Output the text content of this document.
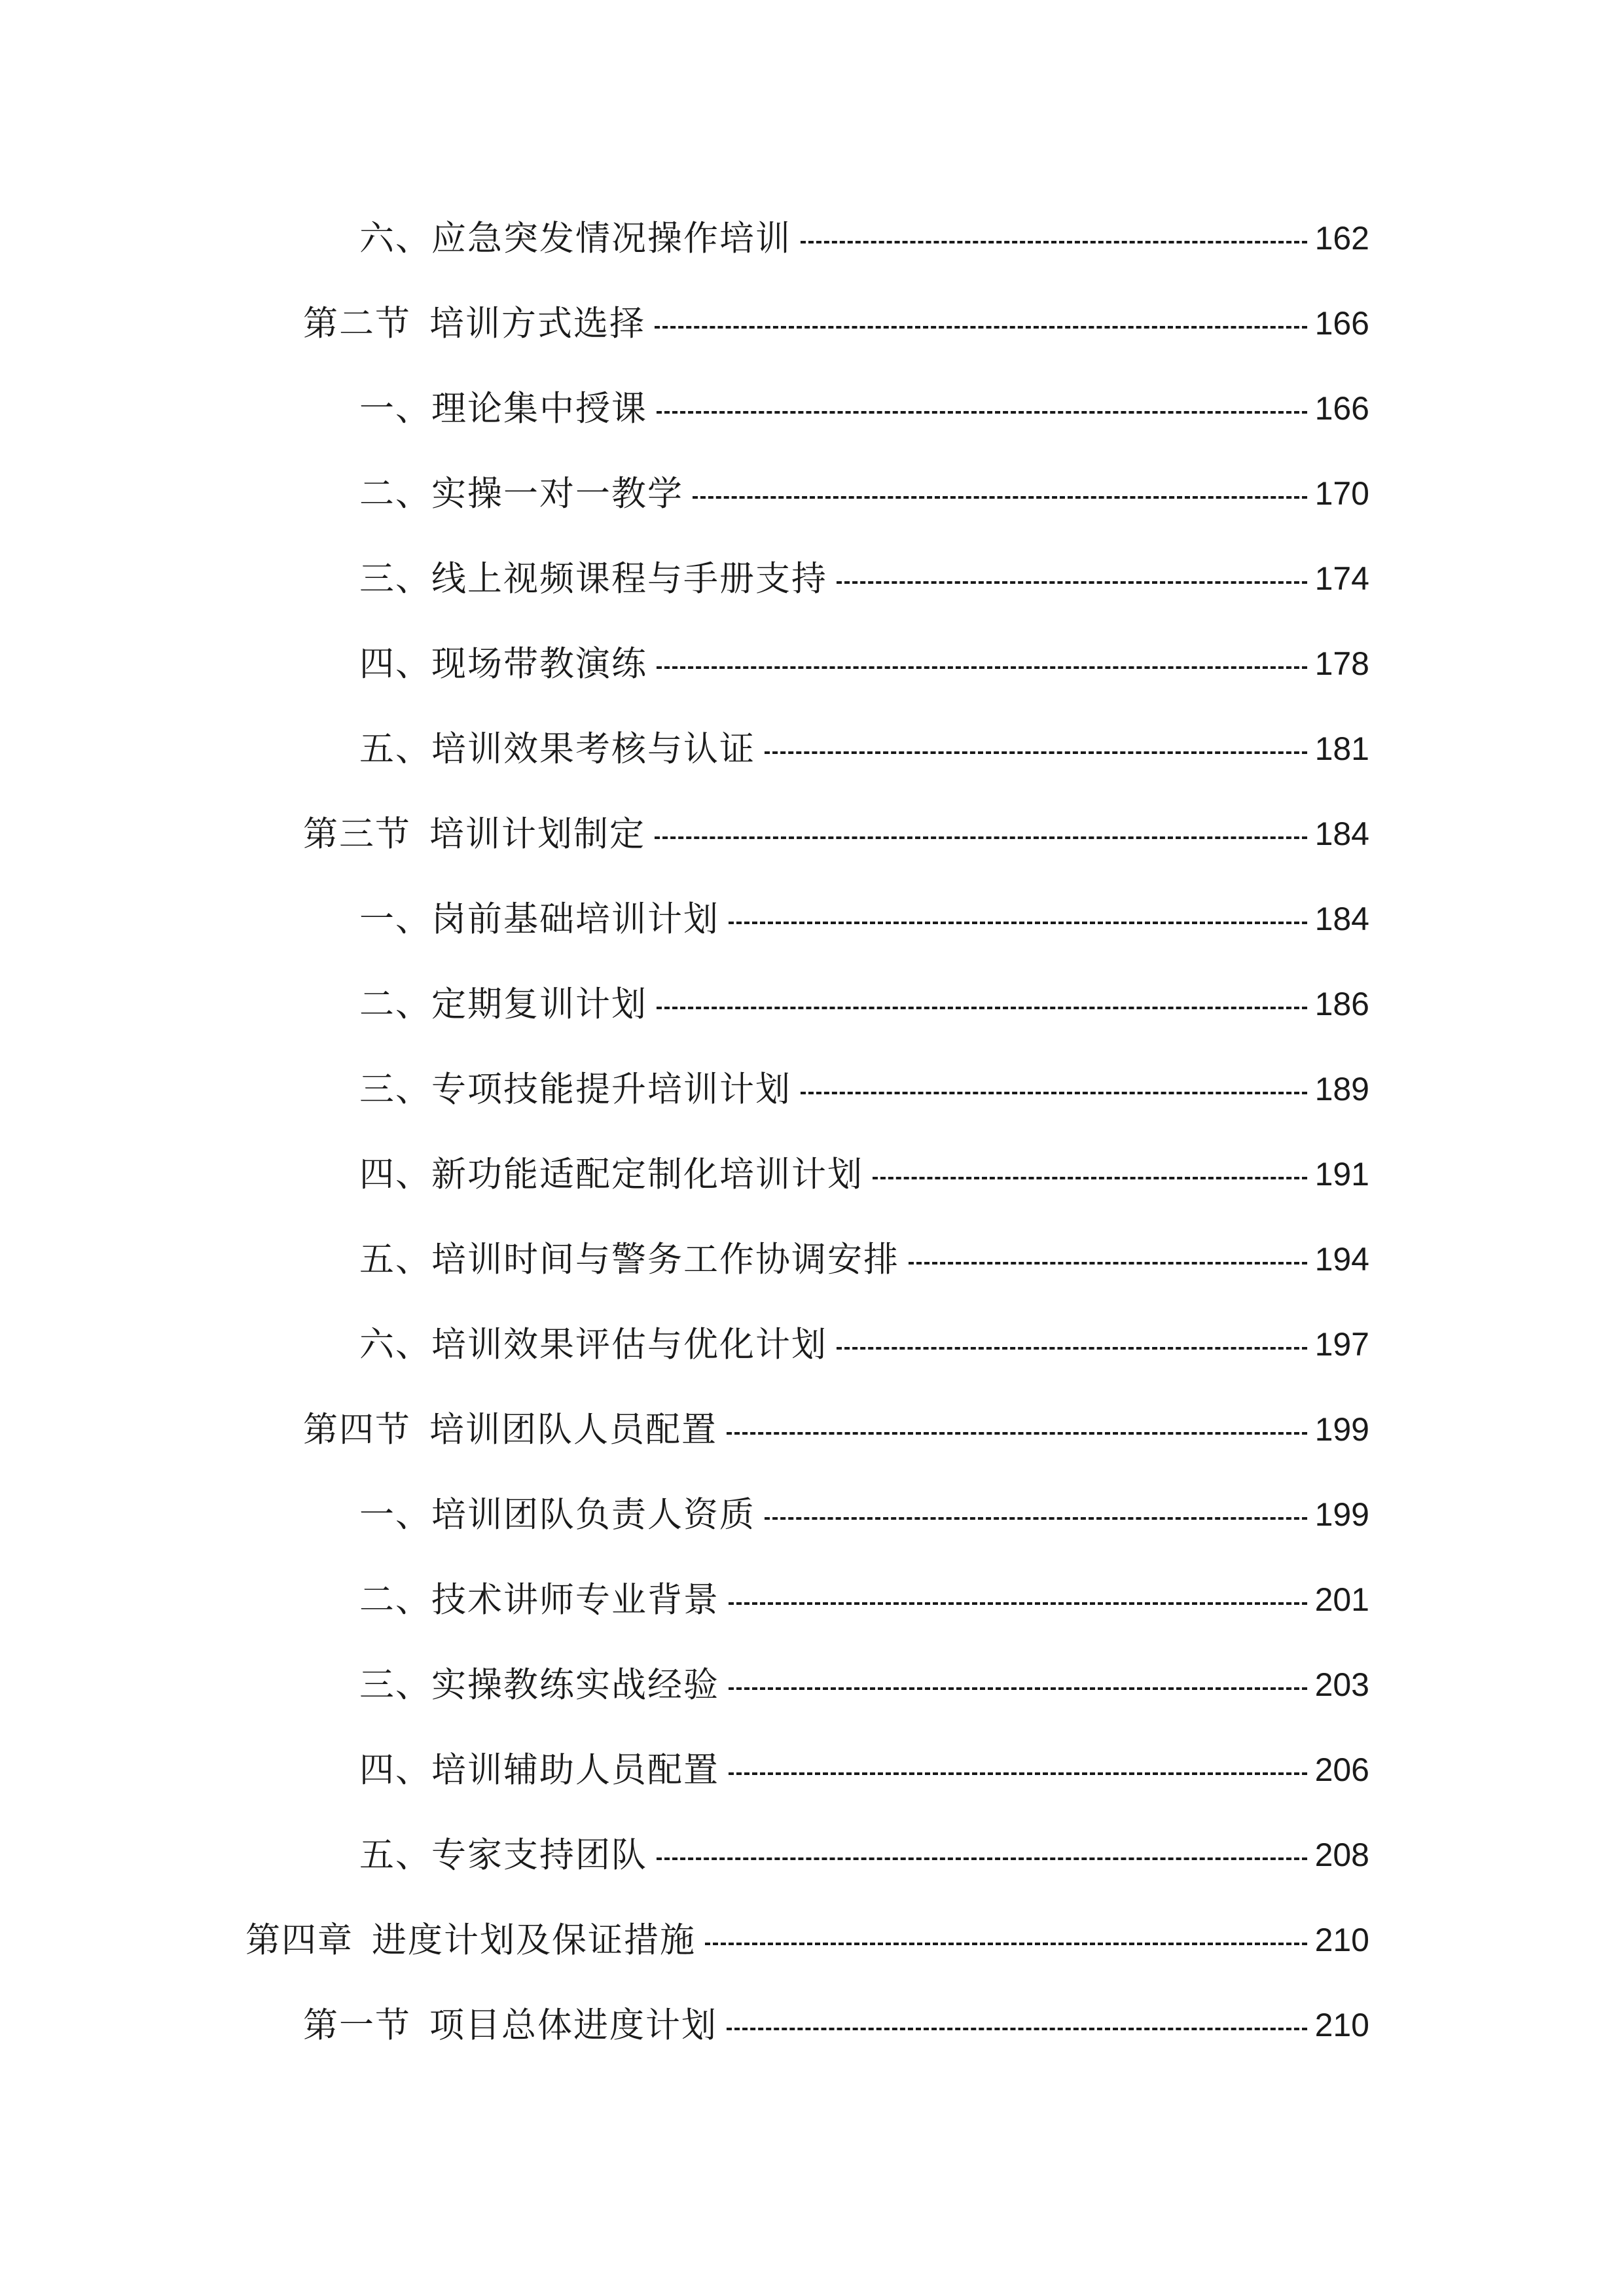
六、应急突发情况操作培训	162
第二节 培训方式选择	166
一、理论集中授课	166
二、实操一对一教学	170
三、线上视频课程与手册支持	174
四、现场带教演练	178
五、培训效果考核与认证	181
第三节 培训计划制定	184
一、岗前基础培训计划	184
二、定期复训计划	186
三、专项技能提升培训计划	189
四、新功能适配定制化培训计划	191
五、培训时间与警务工作协调安排	194
六、培训效果评估与优化计划	197
第四节 培训团队人员配置	199
一、培训团队负责人资质	199
二、技术讲师专业背景	201
三、实操教练实战经验	203
四、培训辅助人员配置	206
五、专家支持团队	208
第四章 进度计划及保证措施	210
第一节 项目总体进度计划	210
